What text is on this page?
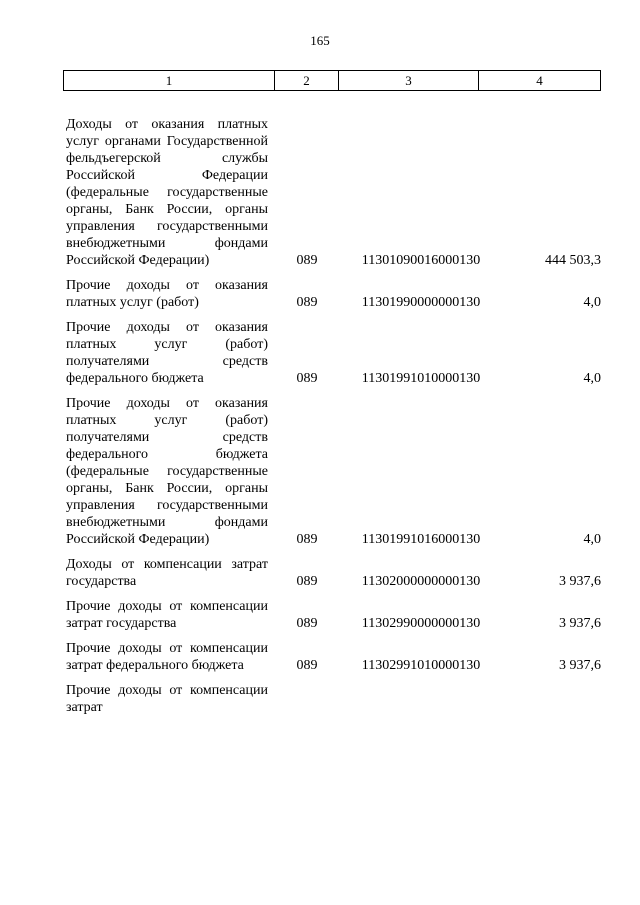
165
1	2	3	4
Доходы от оказания платных услуг органами Государственной фельдъегерской службы Российской Федерации (федеральные государственные органы, Банк России, органы управления государственными внебюджетными фондами Российской Федерации)	089	11301090016000130	444 503,3
Прочие доходы от оказания платных услуг (работ)	089	11301990000000130	4,0
Прочие доходы от оказания платных услуг (работ) получателями средств федерального бюджета	089	11301991010000130	4,0
Прочие доходы от оказания платных услуг (работ) получателями средств федерального бюджета (федеральные государственные органы, Банк России, органы управления государственными внебюджетными фондами Российской Федерации)	089	11301991016000130	4,0
Доходы от компенсации затрат государства	089	11302000000000130	3 937,6
Прочие доходы от компенсации затрат государства	089	11302990000000130	3 937,6
Прочие доходы от компенсации затрат федерального бюджета	089	11302991010000130	3 937,6
Прочие доходы от компенсации затрат
